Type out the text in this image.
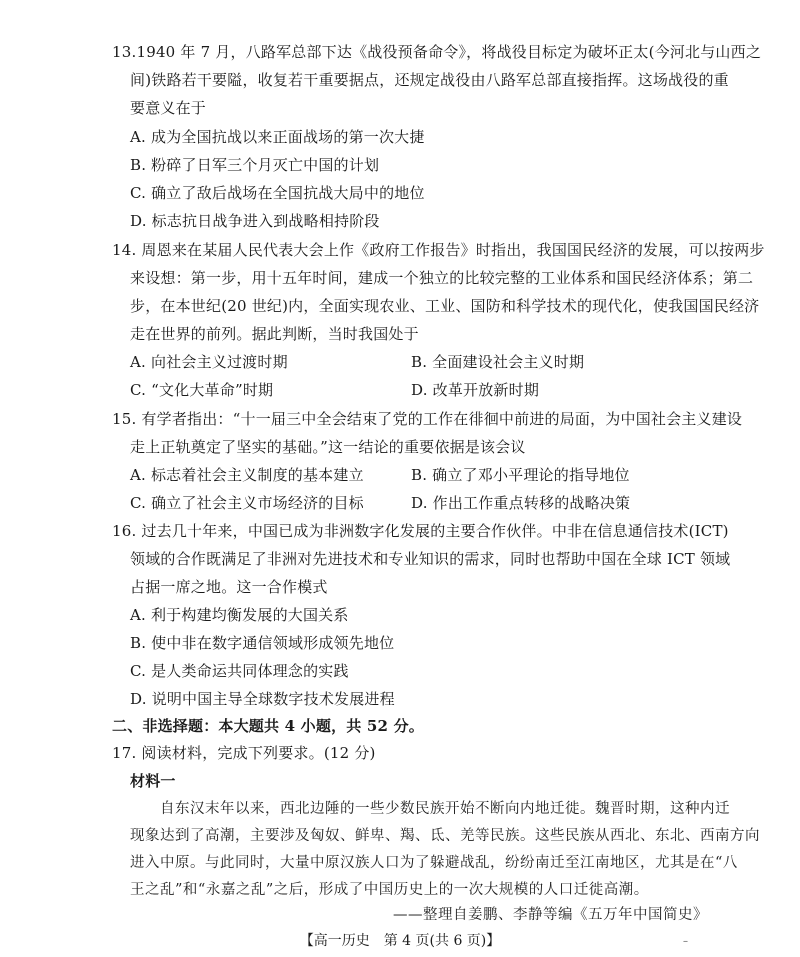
13.1940 年 7 月，八路军总部下达《战役预备命令》，将战役目标定为破坏正太(今河北与山西之
间)铁路若干要隘，收复若干重要据点，还规定战役由八路军总部直接指挥。这场战役的重
要意义在于
A. 成为全国抗战以来正面战场的第一次大捷
B. 粉碎了日军三个月灭亡中国的计划
C. 确立了敌后战场在全国抗战大局中的地位
D. 标志抗日战争进入到战略相持阶段
14. 周恩来在某届人民代表大会上作《政府工作报告》时指出，我国国民经济的发展，可以按两步
来设想：第一步，用十五年时间，建成一个独立的比较完整的工业体系和国民经济体系；第二
步，在本世纪(20 世纪)内，全面实现农业、工业、国防和科学技术的现代化，使我国国民经济
走在世界的前列。据此判断，当时我国处于
A. 向社会主义过渡时期	B. 全面建设社会主义时期
C. “文化大革命”时期	D. 改革开放新时期
15. 有学者指出：“十一届三中全会结束了党的工作在徘徊中前进的局面，为中国社会主义建设
走上正轨奠定了坚实的基础。”这一结论的重要依据是该会议
A. 标志着社会主义制度的基本建立	B. 确立了邓小平理论的指导地位
C. 确立了社会主义市场经济的目标	D. 作出工作重点转移的战略决策
16. 过去几十年来，中国已成为非洲数字化发展的主要合作伙伴。中非在信息通信技术(ICT)
领域的合作既满足了非洲对先进技术和专业知识的需求，同时也帮助中国在全球 ICT 领域
占据一席之地。这一合作模式
A. 利于构建均衡发展的大国关系
B. 使中非在数字通信领域形成领先地位
C. 是人类命运共同体理念的实践
D. 说明中国主导全球数字技术发展进程
二、非选择题：本大题共 4 小题，共 52 分。
17. 阅读材料，完成下列要求。(12 分)
材料一
自东汉末年以来，西北边陲的一些少数民族开始不断向内地迁徙。魏晋时期，这种内迁
现象达到了高潮，主要涉及匈奴、鲜卑、羯、氐、羌等民族。这些民族从西北、东北、西南方向
进入中原。与此同时，大量中原汉族人口为了躲避战乱，纷纷南迁至江南地区，尤其是在“八
【高一历史　第 4 页(共 6 页)】	–
王之乱”和“永嘉之乱”之后，形成了中国历史上的一次大规模的人口迁徙高潮。
——整理自姜鹏、李静等编《五万年中国简史》
